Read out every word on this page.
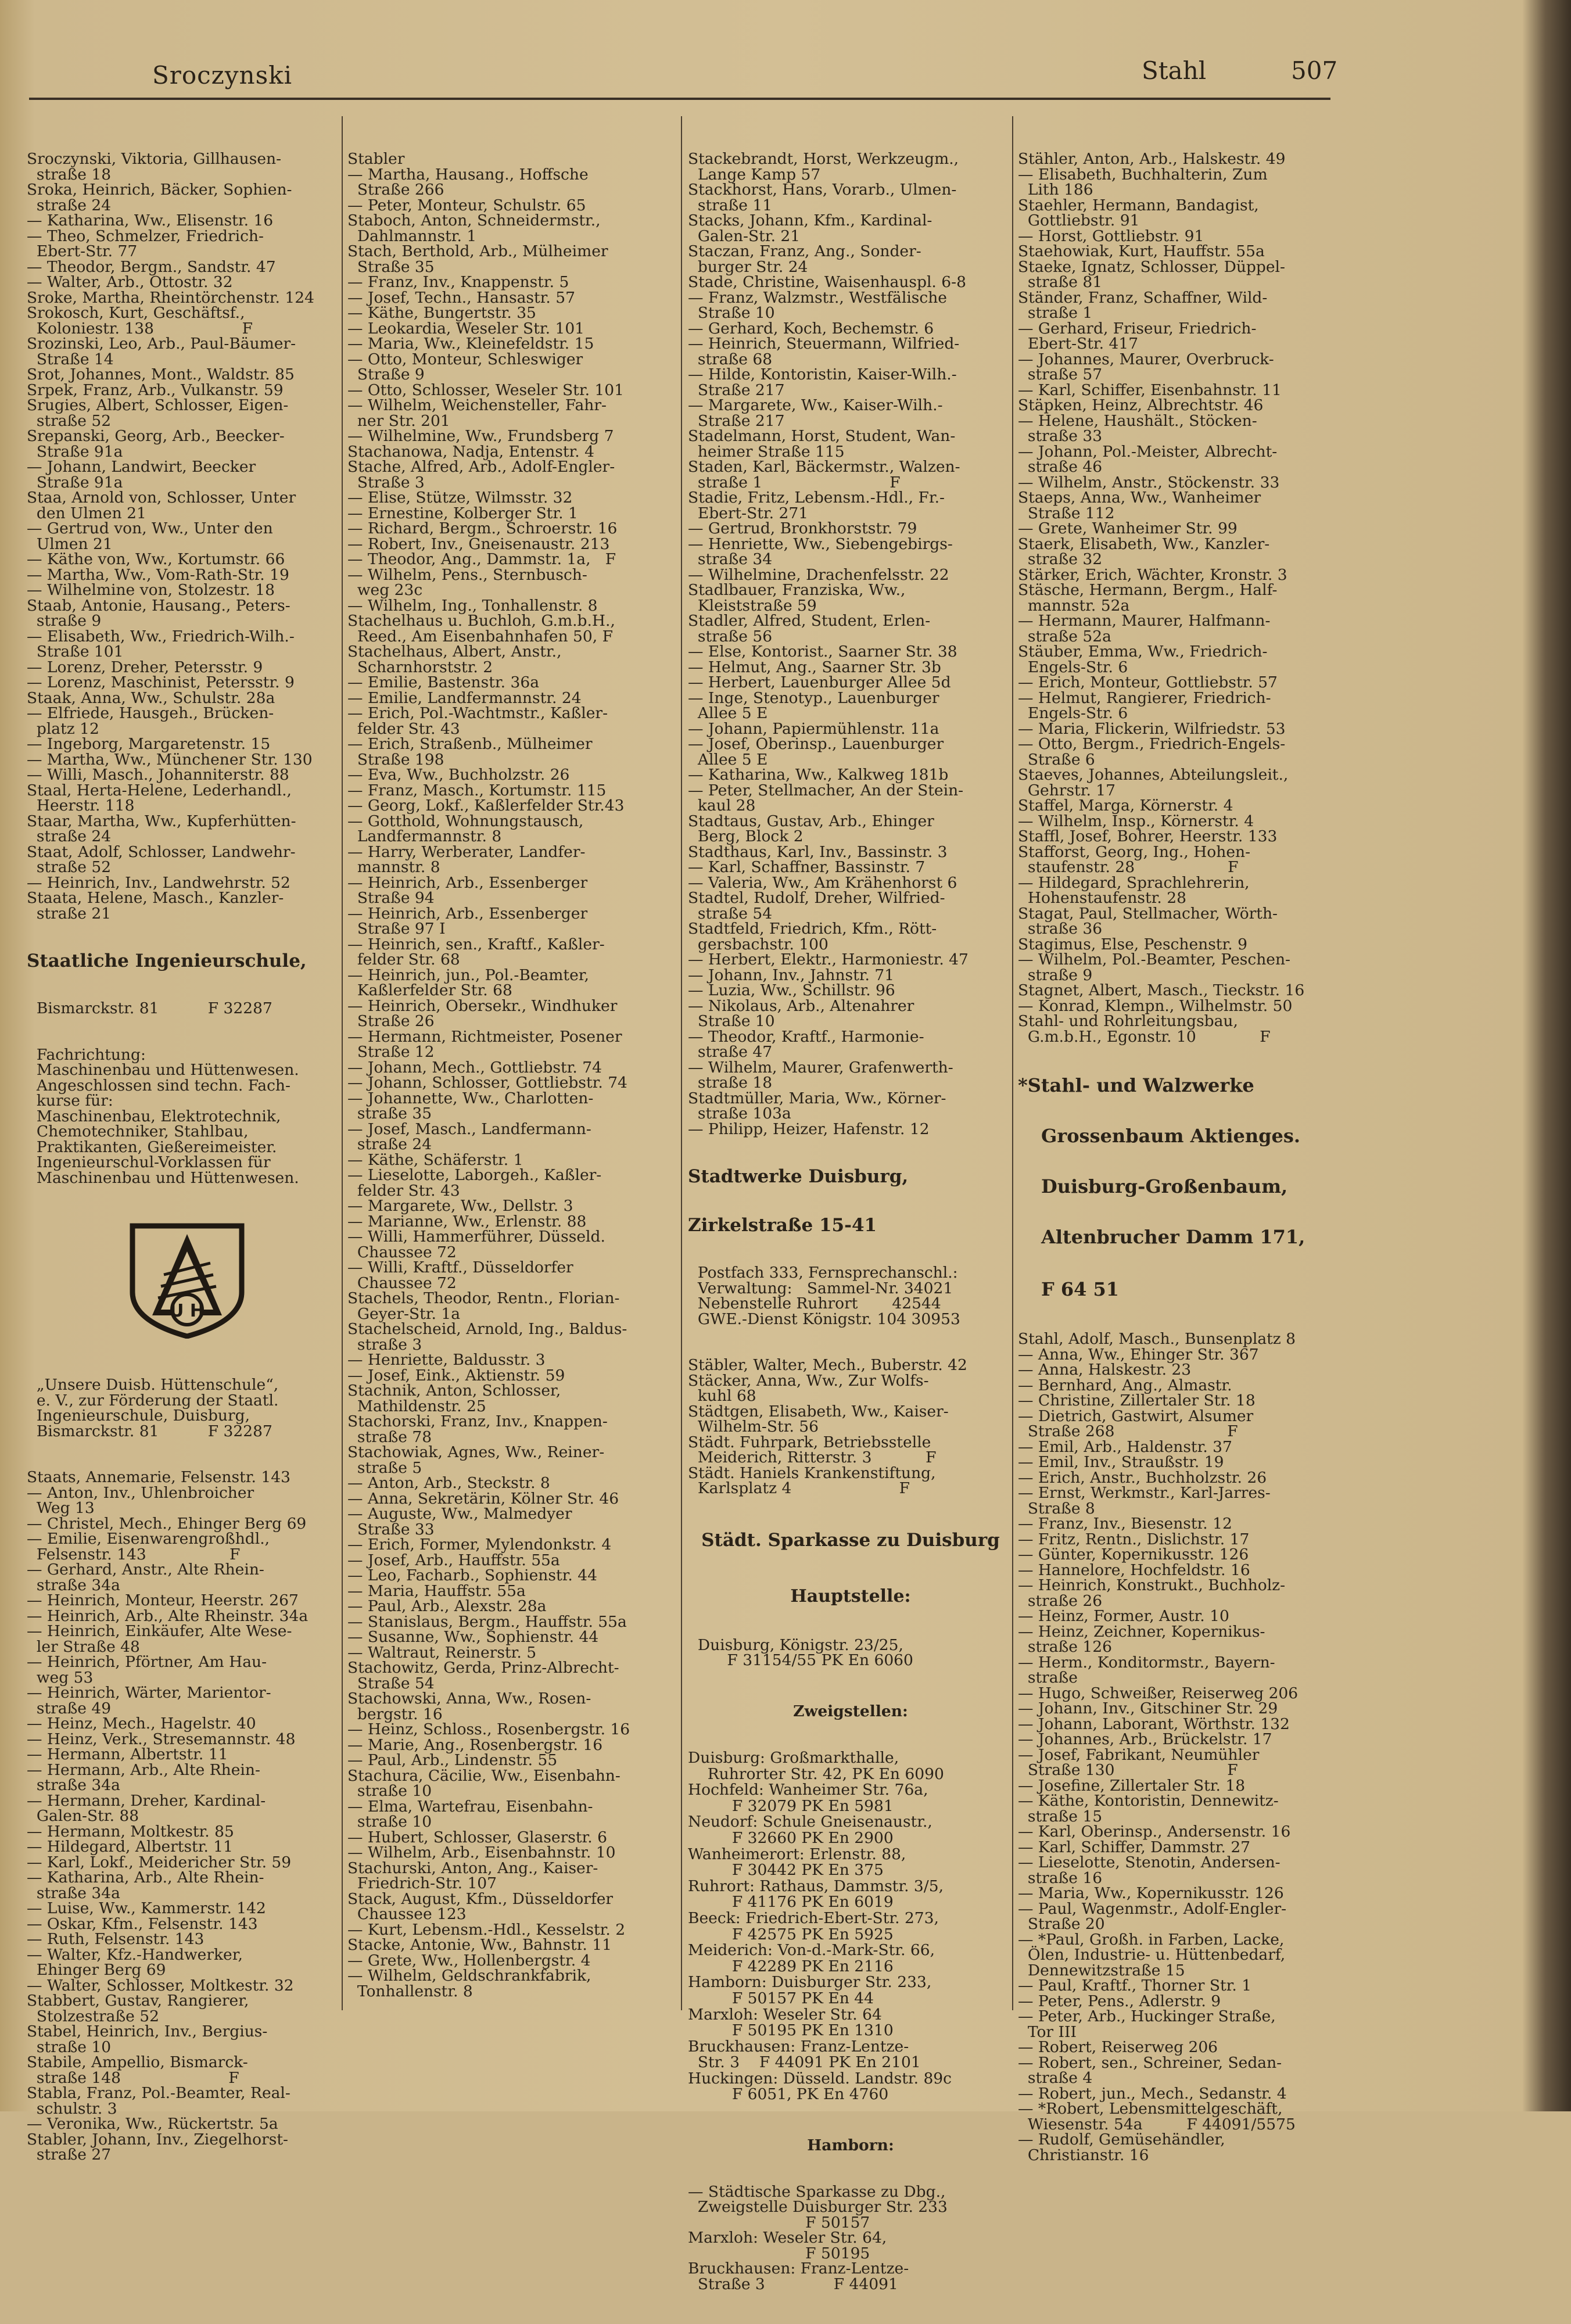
Sroczynski	Stahl	507

Sroczynski, Viktoria, Gillhausen-
straße 18
Sroka, Heinrich, Bäcker, Sophien-
straße 24
— Katharina, Ww., Elisenstr. 16
— Theo, Schmelzer, Friedrich-
Ebert-Str. 77
— Theodor, Bergm., Sandstr. 47
— Walter, Arb., Ottostr. 32
Sroke, Martha, Rheintörchenstr. 124
Srokosch, Kurt, Geschäftsf.,
Koloniestr. 138                  F
Srozinski, Leo, Arb., Paul-Bäumer-
Straße 14
Srot, Johannes, Mont., Waldstr. 85
Srpek, Franz, Arb., Vulkanstr. 59
Srugies, Albert, Schlosser, Eigen-
straße 52
Srepanski, Georg, Arb., Beecker-
Straße 91a
— Johann, Landwirt, Beecker
Straße 91a
Staa, Arnold von, Schlosser, Unter
den Ulmen 21
— Gertrud von, Ww., Unter den
Ulmen 21
— Käthe von, Ww., Kortumstr. 66
— Martha, Ww., Vom-Rath-Str. 19
— Wilhelmine von, Stolzestr. 18
Staab, Antonie, Hausang., Peters-
straße 9
— Elisabeth, Ww., Friedrich-Wilh.-
Straße 101
— Lorenz, Dreher, Petersstr. 9
— Lorenz, Maschinist, Petersstr. 9
Staak, Anna, Ww., Schulstr. 28a
— Elfriede, Hausgeh., Brücken-
platz 12
— Ingeborg, Margaretenstr. 15
— Martha, Ww., Münchener Str. 130
— Willi, Masch., Johanniterstr. 88
Staal, Herta-Helene, Lederhandl.,
Heerstr. 118
Staar, Martha, Ww., Kupferhütten-
straße 24
Staat, Adolf, Schlosser, Landwehr-
straße 52
— Heinrich, Inv., Landwehrstr. 52
Staata, Helene, Masch., Kanzler-
straße 21

Staatliche Ingenieurschule,

Bismarckstr. 81          F 32287

Fachrichtung:
Maschinenbau und Hüttenwesen.
Angeschlossen sind techn. Fach-
kurse für:
Maschinenbau, Elektrotechnik,
Chemotechniker, Stahlbau,
Praktikanten, Gießereimeister.
Ingenieurschul-Vorklassen für
Maschinenbau und Hüttenwesen.

U H

„Unsere Duisb. Hüttenschule“,
e. V., zur Förderung der Staatl.
Ingenieurschule, Duisburg,
Bismarckstr. 81          F 32287

Staats, Annemarie, Felsenstr. 143
— Anton, Inv., Uhlenbroicher
Weg 13
— Christel, Mech., Ehinger Berg 69
— Emilie, Eisenwarengroßhdl.,
Felsenstr. 143                 F
— Gerhard, Anstr., Alte Rhein-
straße 34a
— Heinrich, Monteur, Heerstr. 267
— Heinrich, Arb., Alte Rheinstr. 34a
— Heinrich, Einkäufer, Alte Wese-
ler Straße 48
— Heinrich, Pförtner, Am Hau-
weg 53
— Heinrich, Wärter, Marientor-
straße 49
— Heinz, Mech., Hagelstr. 40
— Heinz, Verk., Stresemannstr. 48
— Hermann, Albertstr. 11
— Hermann, Arb., Alte Rhein-
straße 34a
— Hermann, Dreher, Kardinal-
Galen-Str. 88
— Hermann, Moltkestr. 85
— Hildegard, Albertstr. 11
— Karl, Lokf., Meidericher Str. 59
— Katharina, Arb., Alte Rhein-
straße 34a
— Luise, Ww., Kammerstr. 142
— Oskar, Kfm., Felsenstr. 143
— Ruth, Felsenstr. 143
— Walter, Kfz.-Handwerker,
Ehinger Berg 69
— Walter, Schlosser, Moltkestr. 32
Stabbert, Gustav, Rangierer,
Stolzestraße 52
Stabel, Heinrich, Inv., Bergius-
straße 10
Stabile, Ampellio, Bismarck-
straße 148                      F
Stabla, Franz, Pol.-Beamter, Real-
schulstr. 3
— Veronika, Ww., Rückertstr. 5a
Stabler, Johann, Inv., Ziegelhorst-
straße 27

Stabler
— Martha, Hausang., Hoffsche
Straße 266
— Peter, Monteur, Schulstr. 65
Staboch, Anton, Schneidermstr.,
Dahlmannstr. 1
Stach, Berthold, Arb., Mülheimer
Straße 35
— Franz, Inv., Knappenstr. 5
— Josef, Techn., Hansastr. 57
— Käthe, Bungertstr. 35
— Leokardia, Weseler Str. 101
— Maria, Ww., Kleinefeldstr. 15
— Otto, Monteur, Schleswiger
Straße 9
— Otto, Schlosser, Weseler Str. 101
— Wilhelm, Weichensteller, Fahr-
ner Str. 201
— Wilhelmine, Ww., Frundsberg 7
Stachanowa, Nadja, Entenstr. 4
Stache, Alfred, Arb., Adolf-Engler-
Straße 3
— Elise, Stütze, Wilmsstr. 32
— Ernestine, Kolberger Str. 1
— Richard, Bergm., Schroerstr. 16
— Robert, Inv., Gneisenaustr. 213
— Theodor, Ang., Dammstr. 1a,   F
— Wilhelm, Pens., Sternbusch-
weg 23c
— Wilhelm, Ing., Tonhallenstr. 8
Stachelhaus u. Buchloh, G.m.b.H.,
Reed., Am Eisenbahnhafen 50, F
Stachelhaus, Albert, Anstr.,
Scharnhorststr. 2
— Emilie, Bastenstr. 36a
— Emilie, Landfermannstr. 24
— Erich, Pol.-Wachtmstr., Kaßler-
felder Str. 43
— Erich, Straßenb., Mülheimer
Straße 198
— Eva, Ww., Buchholzstr. 26
— Franz, Masch., Kortumstr. 115
— Georg, Lokf., Kaßlerfelder Str.43
— Gotthold, Wohnungstausch,
Landfermannstr. 8
— Harry, Werberater, Landfer-
mannstr. 8
— Heinrich, Arb., Essenberger
Straße 94
— Heinrich, Arb., Essenberger
Straße 97 I
— Heinrich, sen., Kraftf., Kaßler-
felder Str. 68
— Heinrich, jun., Pol.-Beamter,
Kaßlerfelder Str. 68
— Heinrich, Obersekr., Windhuker
Straße 26
— Hermann, Richtmeister, Posener
Straße 12
— Johann, Mech., Gottliebstr. 74
— Johann, Schlosser, Gottliebstr. 74
— Johannette, Ww., Charlotten-
straße 35
— Josef, Masch., Landfermann-
straße 24
— Käthe, Schäferstr. 1
— Lieselotte, Laborgeh., Kaßler-
felder Str. 43
— Margarete, Ww., Dellstr. 3
— Marianne, Ww., Erlenstr. 88
— Willi, Hammerführer, Düsseld.
Chaussee 72
— Willi, Kraftf., Düsseldorfer
Chaussee 72
Stachels, Theodor, Rentn., Florian-
Geyer-Str. 1a
Stachelscheid, Arnold, Ing., Baldus-
straße 3
— Henriette, Baldusstr. 3
— Josef, Eink., Aktienstr. 59
Stachnik, Anton, Schlosser,
Mathildenstr. 25
Stachorski, Franz, Inv., Knappen-
straße 78
Stachowiak, Agnes, Ww., Reiner-
straße 5
— Anton, Arb., Steckstr. 8
— Anna, Sekretärin, Kölner Str. 46
— Auguste, Ww., Malmedyer
Straße 33
— Erich, Former, Mylendonkstr. 4
— Josef, Arb., Hauffstr. 55a
— Leo, Facharb., Sophienstr. 44
— Maria, Hauffstr. 55a
— Paul, Arb., Alexstr. 28a
— Stanislaus, Bergm., Hauffstr. 55a
— Susanne, Ww., Sophienstr. 44
— Waltraut, Reinerstr. 5
Stachowitz, Gerda, Prinz-Albrecht-
Straße 54
Stachowski, Anna, Ww., Rosen-
bergstr. 16
— Heinz, Schloss., Rosenbergstr. 16
— Marie, Ang., Rosenbergstr. 16
— Paul, Arb., Lindenstr. 55
Stachura, Cäcilie, Ww., Eisenbahn-
straße 10
— Elma, Wartefrau, Eisenbahn-
straße 10
— Hubert, Schlosser, Glaserstr. 6
— Wilhelm, Arb., Eisenbahnstr. 10
Stachurski, Anton, Ang., Kaiser-
Friedrich-Str. 107
Stack, August, Kfm., Düsseldorfer
Chaussee 123
— Kurt, Lebensm.-Hdl., Kesselstr. 2
Stacke, Antonie, Ww., Bahnstr. 11
— Grete, Ww., Hollenbergstr. 4
— Wilhelm, Geldschrankfabrik,
Tonhallenstr. 8

Stackebrandt, Horst, Werkzeugm.,
Lange Kamp 57
Stackhorst, Hans, Vorarb., Ulmen-
straße 11
Stacks, Johann, Kfm., Kardinal-
Galen-Str. 21
Staczan, Franz, Ang., Sonder-
burger Str. 24
Stade, Christine, Waisenhauspl. 6-8
— Franz, Walzmstr., Westfälische
Straße 10
— Gerhard, Koch, Bechemstr. 6
— Heinrich, Steuermann, Wilfried-
straße 68
— Hilde, Kontoristin, Kaiser-Wilh.-
Straße 217
— Margarete, Ww., Kaiser-Wilh.-
Straße 217
Stadelmann, Horst, Student, Wan-
heimer Straße 115
Staden, Karl, Bäckermstr., Walzen-
straße 1                          F
Stadie, Fritz, Lebensm.-Hdl., Fr.-
Ebert-Str. 271
— Gertrud, Bronkhorststr. 79
— Henriette, Ww., Siebengebirgs-
straße 34
— Wilhelmine, Drachenfelsstr. 22
Stadlbauer, Franziska, Ww.,
Kleiststraße 59
Stadler, Alfred, Student, Erlen-
straße 56
— Else, Kontorist., Saarner Str. 38
— Helmut, Ang., Saarner Str. 3b
— Herbert, Lauenburger Allee 5d
— Inge, Stenotyp., Lauenburger
Allee 5 E
— Johann, Papiermühlenstr. 11a
— Josef, Oberinsp., Lauenburger
Allee 5 E
— Katharina, Ww., Kalkweg 181b
— Peter, Stellmacher, An der Stein-
kaul 28
Stadtaus, Gustav, Arb., Ehinger
Berg, Block 2
Stadthaus, Karl, Inv., Bassinstr. 3
— Karl, Schaffner, Bassinstr. 7
— Valeria, Ww., Am Krähenhorst 6
Stadtel, Rudolf, Dreher, Wilfried-
straße 54
Stadtfeld, Friedrich, Kfm., Rött-
gersbachstr. 100
— Herbert, Elektr., Harmoniestr. 47
— Johann, Inv., Jahnstr. 71
— Luzia, Ww., Schillstr. 96
— Nikolaus, Arb., Altenahrer
Straße 10
— Theodor, Kraftf., Harmonie-
straße 47
— Wilhelm, Maurer, Grafenwerth-
straße 18
Stadtmüller, Maria, Ww., Körner-
straße 103a
— Philipp, Heizer, Hafenstr. 12

Stadtwerke Duisburg,

Zirkelstraße 15-41

Postfach 333, Fernsprechanschl.:
Verwaltung:   Sammel-Nr. 34021
Nebenstelle Ruhrort       42544
GWE.-Dienst Königstr. 104 30953

Stäbler, Walter, Mech., Buberstr. 42
Stäcker, Anna, Ww., Zur Wolfs-
kuhl 68
Städtgen, Elisabeth, Ww., Kaiser-
Wilhelm-Str. 56
Städt. Fuhrpark, Betriebsstelle
Meiderich, Ritterstr. 3           F
Städt. Haniels Krankenstiftung,
Karlsplatz 4                      F

Städt. Sparkasse zu Duisburg

Hauptstelle:

Duisburg, Königstr. 23/25,
F 31154/55 PK En 6060

Zweigstellen:

Duisburg: Großmarkthalle,
Ruhrorter Str. 42, PK En 6090
Hochfeld: Wanheimer Str. 76a,
F 32079 PK En 5981
Neudorf: Schule Gneisenaustr.,
F 32660 PK En 2900
Wanheimerort: Erlenstr. 88,
F 30442 PK En 375
Ruhrort: Rathaus, Dammstr. 3/5,
F 41176 PK En 6019
Beeck: Friedrich-Ebert-Str. 273,
F 42575 PK En 5925
Meiderich: Von-d.-Mark-Str. 66,
F 42289 PK En 2116
Hamborn: Duisburger Str. 233,
F 50157 PK En 44
Marxloh: Weseler Str. 64
F 50195 PK En 1310
Bruckhausen: Franz-Lentze-
Str. 3    F 44091 PK En 2101
Huckingen: Düsseld. Landstr. 89c
F 6051, PK En 4760

Hamborn:

— Städtische Sparkasse zu Dbg.,
Zweigstelle Duisburger Str. 233
F 50157
Marxloh: Weseler Str. 64,
F 50195
Bruckhausen: Franz-Lentze-
Straße 3              F 44091

Stähler, Anton, Arb., Halskestr. 49
— Elisabeth, Buchhalterin, Zum
Lith 186
Staehler, Hermann, Bandagist,
Gottliebstr. 91
— Horst, Gottliebstr. 91
Staehowiak, Kurt, Hauffstr. 55a
Staeke, Ignatz, Schlosser, Düppel-
straße 81
Ständer, Franz, Schaffner, Wild-
straße 1
— Gerhard, Friseur, Friedrich-
Ebert-Str. 417
— Johannes, Maurer, Overbruck-
straße 57
— Karl, Schiffer, Eisenbahnstr. 11
Stäpken, Heinz, Albrechtstr. 46
— Helene, Haushält., Stöcken-
straße 33
— Johann, Pol.-Meister, Albrecht-
straße 46
— Wilhelm, Anstr., Stöckenstr. 33
Staeps, Anna, Ww., Wanheimer
Straße 112
— Grete, Wanheimer Str. 99
Staerk, Elisabeth, Ww., Kanzler-
straße 32
Stärker, Erich, Wächter, Kronstr. 3
Stäsche, Hermann, Bergm., Half-
mannstr. 52a
— Hermann, Maurer, Halfmann-
straße 52a
Stäuber, Emma, Ww., Friedrich-
Engels-Str. 6
— Erich, Monteur, Gottliebstr. 57
— Helmut, Rangierer, Friedrich-
Engels-Str. 6
— Maria, Flickerin, Wilfriedstr. 53
— Otto, Bergm., Friedrich-Engels-
Straße 6
Staeves, Johannes, Abteilungsleit.,
Gehrstr. 17
Staffel, Marga, Körnerstr. 4
— Wilhelm, Insp., Körnerstr. 4
Staffl, Josef, Bohrer, Heerstr. 133
Stafforst, Georg, Ing., Hohen-
staufenstr. 28                   F
— Hildegard, Sprachlehrerin,
Hohenstaufenstr. 28
Stagat, Paul, Stellmacher, Wörth-
straße 36
Stagimus, Else, Peschenstr. 9
— Wilhelm, Pol.-Beamter, Peschen-
straße 9
Stagnet, Albert, Masch., Tieckstr. 16
— Konrad, Klempn., Wilhelmstr. 50
Stahl- und Rohrleitungsbau,
G.m.b.H., Egonstr. 10             F

*Stahl- und Walzwerke

Grossenbaum Aktienges.

Duisburg-Großenbaum,

Altenbrucher Damm 171,

F 64 51

Stahl, Adolf, Masch., Bunsenplatz 8
— Anna, Ww., Ehinger Str. 367
— Anna, Halskestr. 23
— Bernhard, Ang., Almastr.
— Christine, Zillertaler Str. 18
— Dietrich, Gastwirt, Alsumer
Straße 268                       F
— Emil, Arb., Haldenstr. 37
— Emil, Inv., Straußstr. 19
— Erich, Anstr., Buchholzstr. 26
— Ernst, Werkmstr., Karl-Jarres-
Straße 8
— Franz, Inv., Biesenstr. 12
— Fritz, Rentn., Dislichstr. 17
— Günter, Kopernikusstr. 126
— Hannelore, Hochfeldstr. 16
— Heinrich, Konstrukt., Buchholz-
straße 26
— Heinz, Former, Austr. 10
— Heinz, Zeichner, Kopernikus-
straße 126
— Herm., Konditormstr., Bayern-
straße
— Hugo, Schweißer, Reiserweg 206
— Johann, Inv., Gitschiner Str. 29
— Johann, Laborant, Wörthstr. 132
— Johannes, Arb., Brückelstr. 17
— Josef, Fabrikant, Neumühler
Straße 130                       F
— Josefine, Zillertaler Str. 18
— Käthe, Kontoristin, Dennewitz-
straße 15
— Karl, Oberinsp., Andersenstr. 16
— Karl, Schiffer, Dammstr. 27
— Lieselotte, Stenotin, Andersen-
straße 16
— Maria, Ww., Kopernikusstr. 126
— Paul, Wagenmstr., Adolf-Engler-
Straße 20
— *Paul, Großh. in Farben, Lacke,
Ölen, Industrie- u. Hüttenbedarf,
Dennewitzstraße 15
— Paul, Kraftf., Thorner Str. 1
— Peter, Pens., Adlerstr. 9
— Peter, Arb., Huckinger Straße,
Tor III
— Robert, Reiserweg 206
— Robert, sen., Schreiner, Sedan-
straße 4
— Robert, jun., Mech., Sedanstr. 4
— *Robert, Lebensmittelgeschäft,
Wiesenstr. 54a         F 44091/5575
— Rudolf, Gemüsehändler,
Christianstr. 16
